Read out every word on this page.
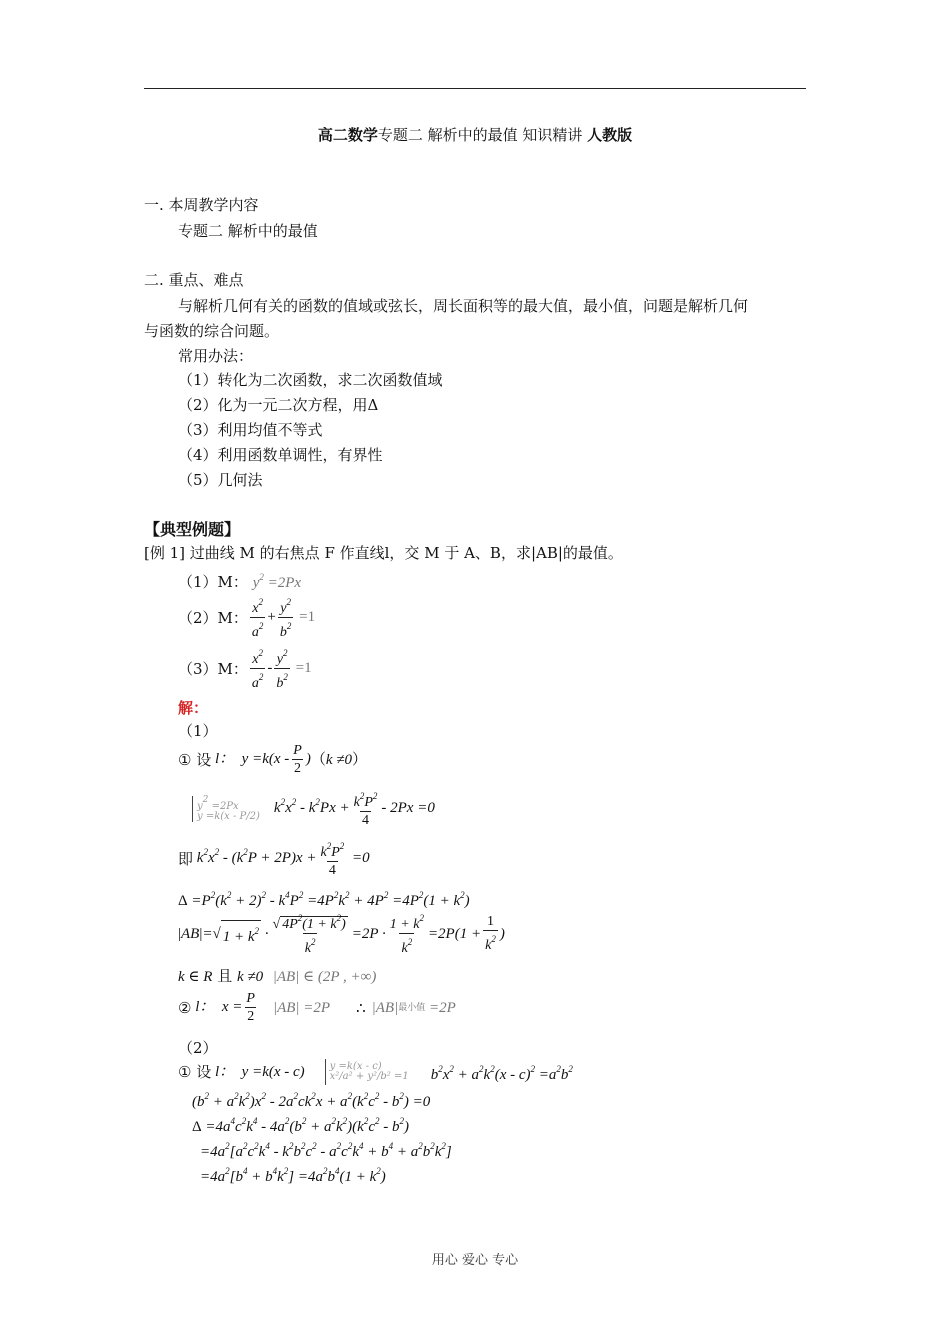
高二数学专题二 解析中的最值 知识精讲 人教版
一. 本周教学内容
专题二 解析中的最值
二. 重点、难点
与解析几何有关的函数的值域或弦长，周长面积等的最大值，最小值，问题是解析几何
与函数的综合问题。
常用办法：
（1）转化为二次函数，求二次函数值域
（2）化为一元二次方程，用Δ
（3）利用均值不等式
（4）利用函数单调性，有界性
（5）几何法
【典型例题】
[例 1] 过曲线 M 的右焦点 F 作直线l，交 M 于 A、B，求|AB|的最值。
（1）M： $y^2 =2Px$
（2）M： $\frac{x^2}{a^2} + \frac{y^2}{b^2} =1$
（3）M： $\frac{x^2}{a^2} - \frac{y^2}{b^2} =1$
解：
（1）
①
设 l：  $y =k(x - \frac{P}{2}$ ) （k ≠0）
$y^2 =2Px$
y =k(x - P/2)
$k^2x^2 - k^2Px + \frac{k^2P^2}{4} - 2Px =0$
即 $k^2x^2 - (k^2P + 2P)x + \frac{k^2P^2}{4} =0$
$\Delta =P^2(k^2 + 2)^2 - k^4P^2 =4P^2k^2 + 4P^2 =4P^2(1 + k^2)$
| AB | = √ $1 + k^2 \cdot \frac{√ 4P^2(1 + k^2)}{k^2} =2P \cdot \frac{1 + k^2}{k^2} =2P(1 + \frac{1}{k^2}$ )
k ∈ R 且 k ≠0 |AB| ∈ (2P , +∞)
② l：  $x = \frac{P}{2} |AB| =2P$ ∴ |AB| 最小值 =2P
（2）
①
设 l：  y =k(x - c)	y =k(x - c)
x²/a² + y²/b² =1 $b^2x^2 + a^2k^2(x - c)^2 =a^2b^2$
$(b^2 + a^2k^2)x^2 - 2a^2ck^2x + a^2(k^2c^2 - b^2) =0$
$\Delta =4a^4c^2k^4 - 4a^2(b^2 + a^2k^2)(k^2c^2 - b^2)$
$=4a^2[a^2c^2k^4 - k^2b^2c^2 - a^2c^2k^4 + b^4 + a^2b^2k^2]$
$=4a^2[b^4 + b^4k^2] =4a^2b^4(1 + k^2)$
用心 爱心 专心
